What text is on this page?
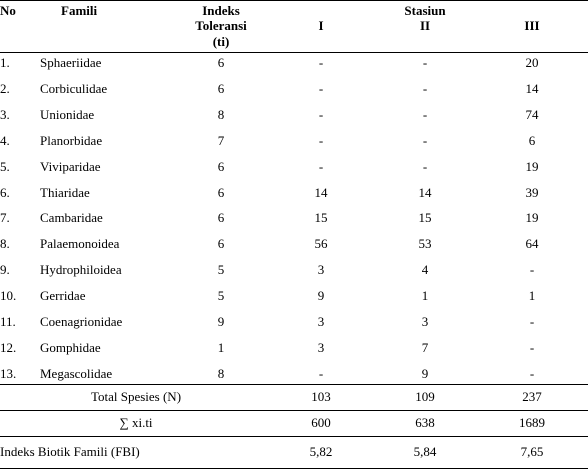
No	Famili	Indeks
Toleransi
(ti)
Stasiun
I	II	III
1.	Sphaeriidae	6	-	-	20
2.	Corbiculidae	6	-	-	14
3.	Unionidae	8	-	-	74
4.	Planorbidae	7	-	-	6
5.	Viviparidae	6	-	-	19
6.	Thiaridae	6	14	14	39
7.	Cambaridae	6	15	15	19
8.	Palaemonoidea	6	56	53	64
9.	Hydrophiloidea	5	3	4	-
10.	Gerridae	5	9	1	1
11.	Coenagrionidae	9	3	3	-
12.	Gomphidae	1	3	7	-
13.	Megascolidae	8	-	9	-
Total Spesies (N)	103	109	237
∑ xi.ti	600	638	1689
Indeks Biotik Famili (FBI)	5,82	5,84	7,65
